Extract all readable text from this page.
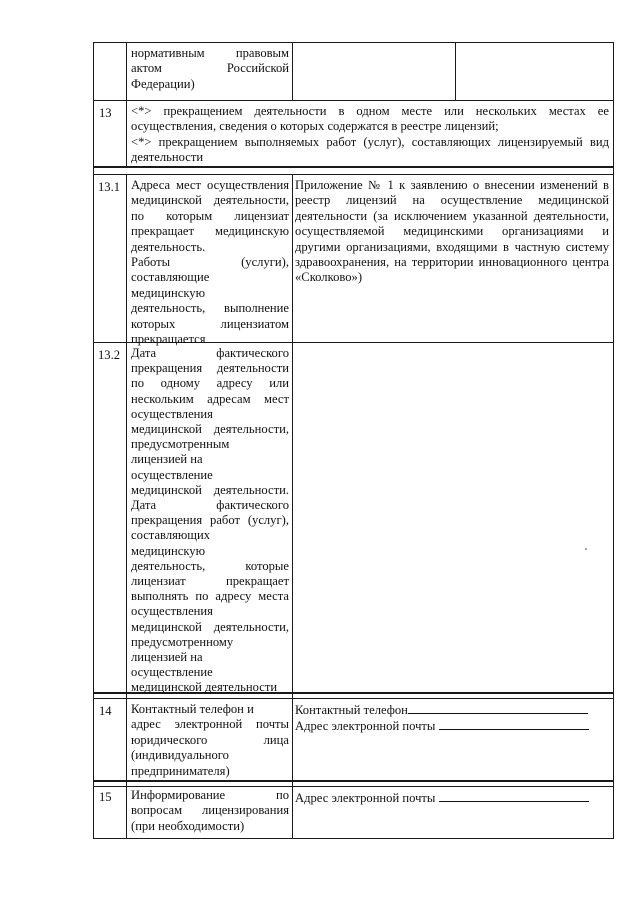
нормативным правовым
актом Российской
Федерации)
13 <*> прекращением деятельности в одном месте или нескольких местах ее
осуществления, сведения о которых содержатся в реестре лицензий;
<*> прекращением выполняемых работ (услуг), составляющих лицензируемый вид
деятельности
13.1 Адреса мест осуществления
медицинской деятельности,
по которым лицензиат
прекращает медицинскую
деятельность.
Работы (услуги),
составляющие
медицинскую
деятельность, выполнение
которых лицензиатом
прекращается
Приложение № 1 к заявлению о внесении изменений в
реестр лицензий на осуществление медицинской
деятельности (за исключением указанной деятельности,
осуществляемой медицинскими организациями и
другими организациями, входящими в частную систему
здравоохранения, на территории инновационного центра
«Сколково»)
13.2 Дата фактического
прекращения деятельности
по одному адресу или
нескольким адресам мест
осуществления
медицинской деятельности,
предусмотренным
лицензией на
осуществление
медицинской деятельности.
Дата фактического
прекращения работ (услуг),
составляющих
медицинскую
деятельность, которые
лицензиат прекращает
выполнять по адресу места
осуществления
медицинской деятельности,
предусмотренному
лицензией на
осуществление
медицинской деятельности
14 Контактный телефон и
адрес электронной почты
юридического лица
(индивидуального
предпринимателя)
Контактный телефон
Адрес электронной почты
15 Информирование по
вопросам лицензирования
(при необходимости)
Адрес электронной почты
